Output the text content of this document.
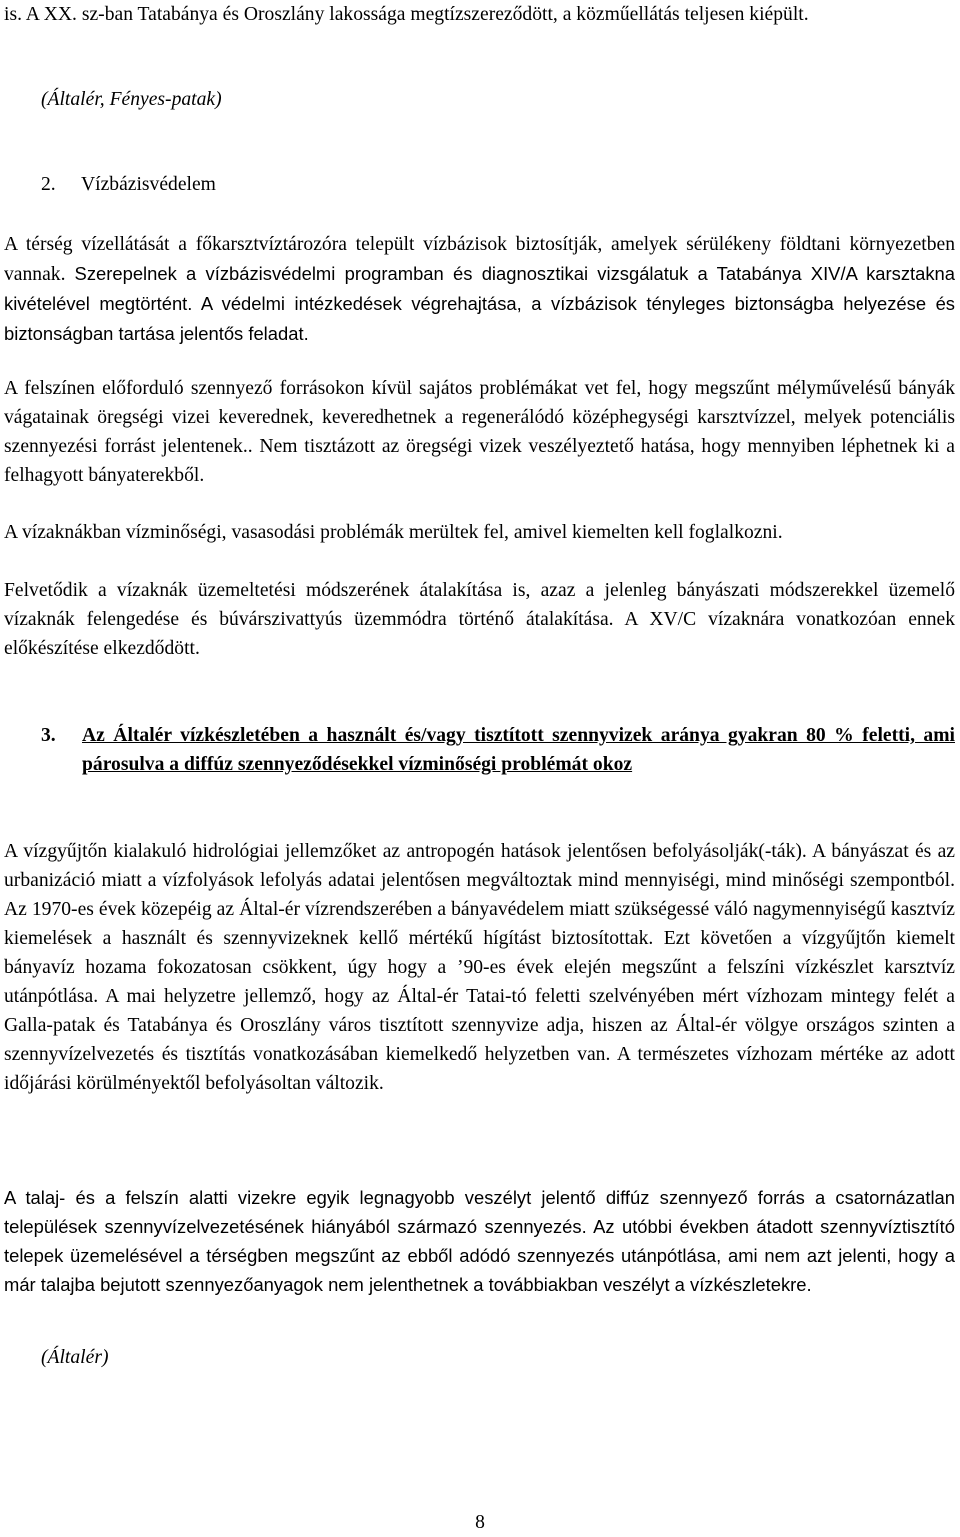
is. A XX. sz-ban Tatabánya és Oroszlány lakossága megtízszereződött, a közműellátás teljesen kiépült.
(Általér, Fényes-patak)
2. Vízbázisvédelem
A térség vízellátását a főkarsztvíztározóra települt vízbázisok biztosítják, amelyek sérülékeny földtani környezetben vannak. Szerepelnek a vízbázisvédelmi programban és diagnosztikai vizsgálatuk a Tatabánya XIV/A karsztakna kivételével megtörtént. A védelmi intézkedések végrehajtása, a vízbázisok tényleges biztonságba helyezése és biztonságban tartása jelentős feladat.
A felszínen előforduló szennyező forrásokon kívül sajátos problémákat vet fel, hogy megszűnt mélyművelésű bányák vágatainak öregségi vizei keverednek, keveredhetnek a regenerálódó középhegységi karsztvízzel, melyek potenciális szennyezési forrást jelentenek.. Nem tisztázott az öregségi vizek veszélyeztető hatása, hogy mennyiben léphetnek ki a felhagyott bányaterekből.
A vízaknákban vízminőségi, vasasodási problémák merültek fel, amivel kiemelten kell foglalkozni.
Felvetődik a vízaknák üzemeltetési módszerének átalakítása is, azaz a jelenleg bányászati módszerekkel üzemelő vízaknák felengedése és búvárszivattyús üzemmódra történő átalakítása. A XV/C vízaknára vonatkozóan ennek előkészítése elkezdődött.
3.	Az Általér vízkészletében a használt és/vagy tisztított szennyvizek aránya gyakran 80 % feletti, ami párosulva a diffúz szennyeződésekkel vízminőségi problémát okoz
A vízgyűjtőn kialakuló hidrológiai jellemzőket az antropogén hatások jelentősen befolyásolják(-ták). A bányászat és az urbanizáció miatt a vízfolyások lefolyás adatai jelentősen megváltoztak mind mennyiségi, mind minőségi szempontból. Az 1970-es évek közepéig az Által-ér vízrendszerében a bányavédelem miatt szükségessé váló nagymennyiségű kasztvíz kiemelések a használt és szennyvizeknek kellő mértékű hígítást biztosítottak. Ezt követően a vízgyűjtőn kiemelt bányavíz hozama fokozatosan csökkent, úgy hogy a ’90-es évek elején megszűnt a felszíni vízkészlet karsztvíz utánpótlása. A mai helyzetre jellemző, hogy az Által-ér Tatai-tó feletti szelvényében mért vízhozam mintegy felét a Galla-patak és Tatabánya és Oroszlány város tisztított szennyvize adja, hiszen az Által-ér völgye országos szinten a szennyvízelvezetés és tisztítás vonatkozásában kiemelkedő helyzetben van. A természetes vízhozam mértéke az adott időjárási körülményektől befolyásoltan változik.
A talaj- és a felszín alatti vizekre egyik legnagyobb veszélyt jelentő diffúz szennyező forrás a csatornázatlan települések szennyvízelvezetésének hiányából származó szennyezés. Az utóbbi években átadott szennyvíztisztító telepek üzemelésével a térségben megszűnt az ebből adódó szennyezés utánpótlása, ami nem azt jelenti, hogy a már talajba bejutott szennyezőanyagok nem jelenthetnek a továbbiakban veszélyt a vízkészletekre.
(Általér)
8
